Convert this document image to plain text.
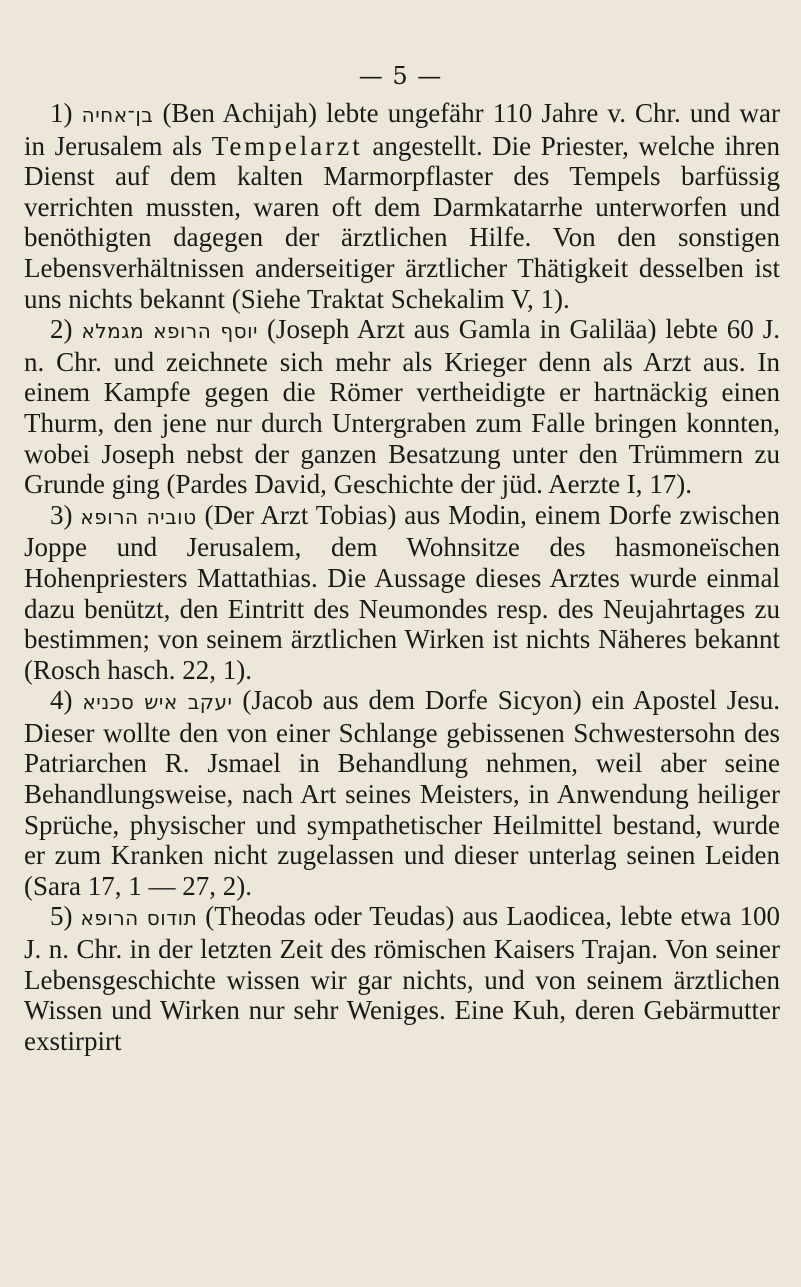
— 5 —

1) בן־אחיה (Ben Achijah) lebte ungefähr 110 Jahre v. Chr. und war in Jerusalem als Tempelarzt angestellt. Die Priester, welche ihren Dienst auf dem kalten Marmorpflaster des Tempels barfüssig verrichten mussten, waren oft dem Darmkatarrhe unterworfen und benöthigten dagegen der ärztlichen Hilfe. Von den sonstigen Lebensverhältnissen anderseitiger ärztlicher Thätigkeit desselben ist uns nichts bekannt (Siehe Traktat Schekalim V, 1).

2) יוסף הרופא מגמלא (Joseph Arzt aus Gamla in Galiläa) lebte 60 J. n. Chr. und zeichnete sich mehr als Krieger denn als Arzt aus. In einem Kampfe gegen die Römer vertheidigte er hartnäckig einen Thurm, den jene nur durch Untergraben zum Falle bringen konnten, wobei Joseph nebst der ganzen Besatzung unter den Trümmern zu Grunde ging (Pardes David, Geschichte der jüd. Aerzte I, 17).

3) טוביה הרופא (Der Arzt Tobias) aus Modin, einem Dorfe zwischen Joppe und Jerusalem, dem Wohnsitze des hasmoneïschen Hohenpriesters Mattathias. Die Aussage dieses Arztes wurde einmal dazu benützt, den Eintritt des Neumondes resp. des Neujahrtages zu bestimmen; von seinem ärztlichen Wirken ist nichts Näheres bekannt (Rosch hasch. 22, 1).

4) יעקב איש סכניא (Jacob aus dem Dorfe Sicyon) ein Apostel Jesu. Dieser wollte den von einer Schlange gebissenen Schwestersohn des Patriarchen R. Jsmael in Behandlung nehmen, weil aber seine Behandlungsweise, nach Art seines Meisters, in Anwendung heiliger Sprüche, physischer und sympathetischer Heilmittel bestand, wurde er zum Kranken nicht zugelassen und dieser unterlag seinen Leiden (Sara 17, 1 — 27, 2).

5) תודוס הרופא (Theodas oder Teudas) aus Laodicea, lebte etwa 100 J. n. Chr. in der letzten Zeit des römischen Kaisers Trajan. Von seiner Lebensgeschichte wissen wir gar nichts, und von seinem ärztlichen Wissen und Wirken nur sehr Weniges. Eine Kuh, deren Gebärmutter exstirpirt
